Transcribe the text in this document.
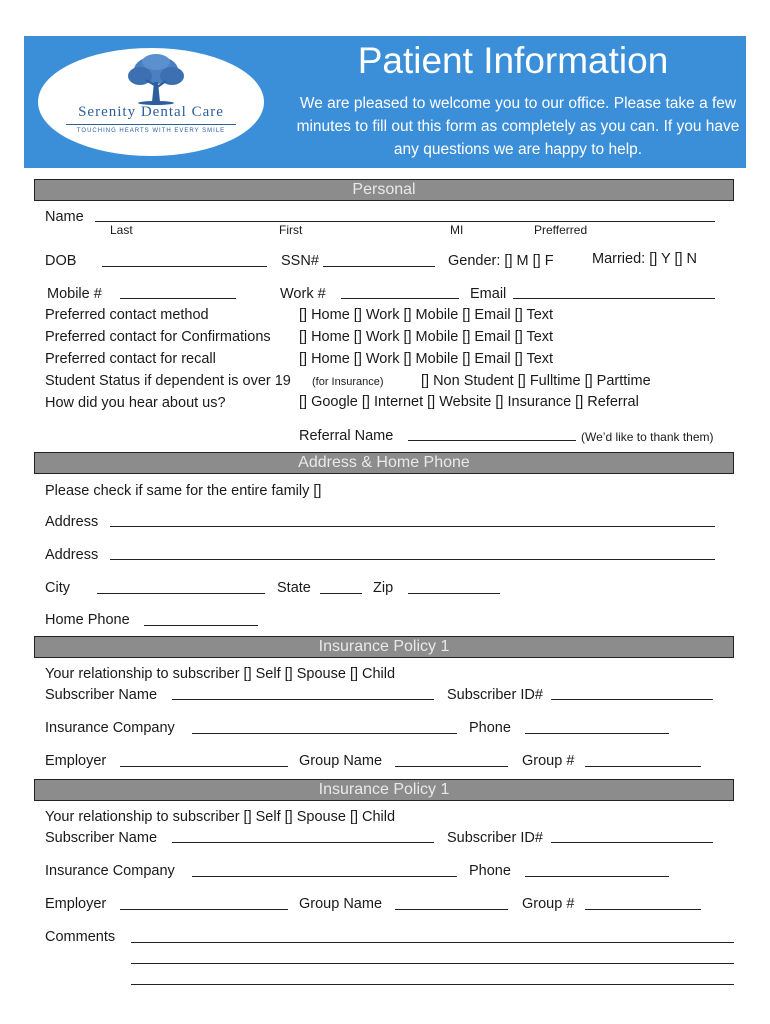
Serenity Dental Care
TOUCHING HEARTS WITH EVERY SMILE
Patient Information
We are pleased to welcome you to our office. Please take a few minutes to fill out this form as completely as you can. If you have any questions we are happy to help.
Personal
Name
Last	First	MI	Prefferred
DOB	SSN#	Gender: [] M [] F	Married: [] Y [] N
Mobile #	Work #	Email
Preferred contact method	[] Home [] Work [] Mobile [] Email [] Text
Preferred contact for Confirmations [] Home [] Work [] Mobile [] Email [] Text
Preferred contact for recall	[] Home [] Work [] Mobile [] Email [] Text
Student Status if dependent is over 19 (for Insurance)	[] Non Student [] Fulltime [] Parttime
How did you hear about us?	[] Google [] Internet [] Website [] Insurance [] Referral
Referral Name	(We’d like to thank them)
Address & Home Phone
Please check if same for the entire family []
Address
Address
City	State	Zip
Home Phone
Insurance Policy 1
Your relationship to subscriber [] Self [] Spouse [] Child
Subscriber Name	Subscriber ID#
Insurance Company	Phone
Employer	Group Name	Group #
Insurance Policy 1
Your relationship to subscriber [] Self [] Spouse [] Child
Subscriber Name	Subscriber ID#
Insurance Company	Phone
Employer	Group Name	Group #
Comments
